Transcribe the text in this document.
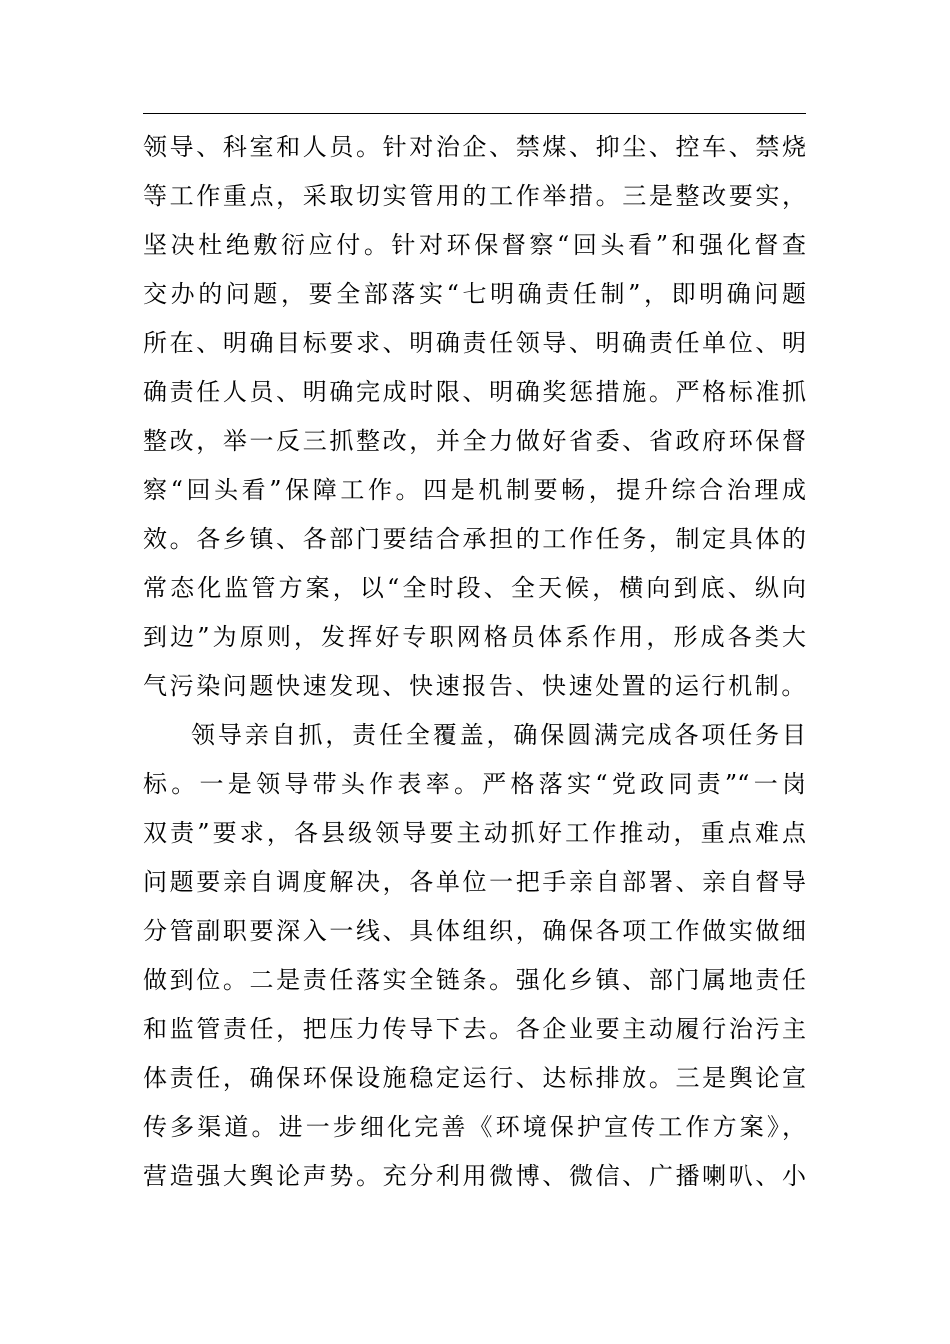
领导、科室和人员。针对治企、禁煤、抑尘、控车、禁烧
等工作重点，采取切实管用的工作举措。三是整改要实，
坚决杜绝敷衍应付。针对环保督察“回头看”和强化督查
交办的问题，要全部落实“七明确责任制”，即明确问题
所在、明确目标要求、明确责任领导、明确责任单位、明
确责任人员、明确完成时限、明确奖惩措施。严格标准抓
整改，举一反三抓整改，并全力做好省委、省政府环保督
察“回头看”保障工作。四是机制要畅，提升综合治理成
效。各乡镇、各部门要结合承担的工作任务，制定具体的
常态化监管方案，以“全时段、全天候，横向到底、纵向
到边”为原则，发挥好专职网格员体系作用，形成各类大
气污染问题快速发现、快速报告、快速处置的运行机制。
领导亲自抓，责任全覆盖，确保圆满完成各项任务目
标。一是领导带头作表率。严格落实“党政同责”“一岗
双责”要求，各县级领导要主动抓好工作推动，重点难点
问题要亲自调度解决，各单位一把手亲自部署、亲自督导
分管副职要深入一线、具体组织，确保各项工作做实做细
做到位。二是责任落实全链条。强化乡镇、部门属地责任
和监管责任，把压力传导下去。各企业要主动履行治污主
体责任，确保环保设施稳定运行、达标排放。三是舆论宣
传多渠道。进一步细化完善《环境保护宣传工作方案》，
营造强大舆论声势。充分利用微博、微信、广播喇叭、小
